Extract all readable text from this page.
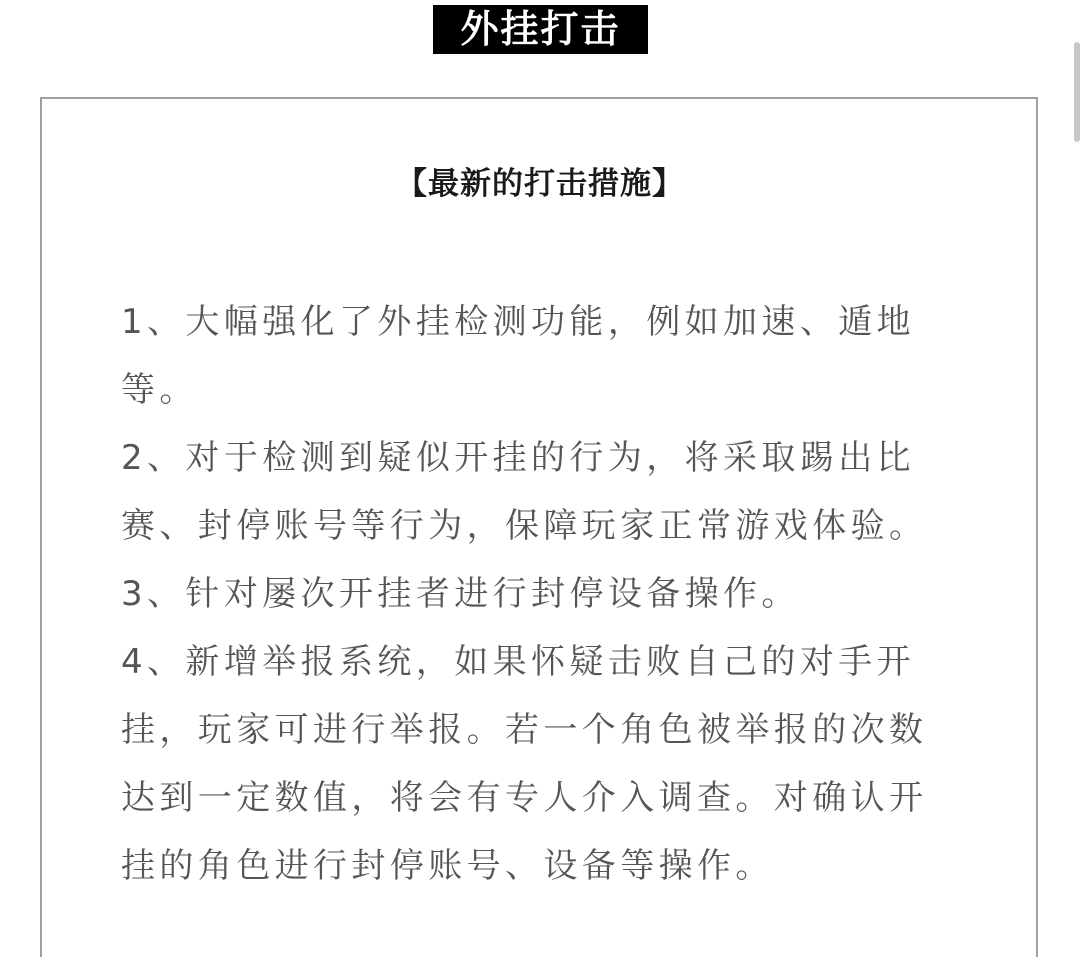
外挂打击
【最新的打击措施】
1、大幅强化了外挂检测功能，例如加速、遁地等。
2、对于检测到疑似开挂的行为，将采取踢出比赛、封停账号等行为，保障玩家正常游戏体验。
3、针对屡次开挂者进行封停设备操作。
4、新增举报系统，如果怀疑击败自己的对手开挂，玩家可进行举报。若一个角色被举报的次数达到一定数值，将会有专人介入调查。对确认开挂的角色进行封停账号、设备等操作。
